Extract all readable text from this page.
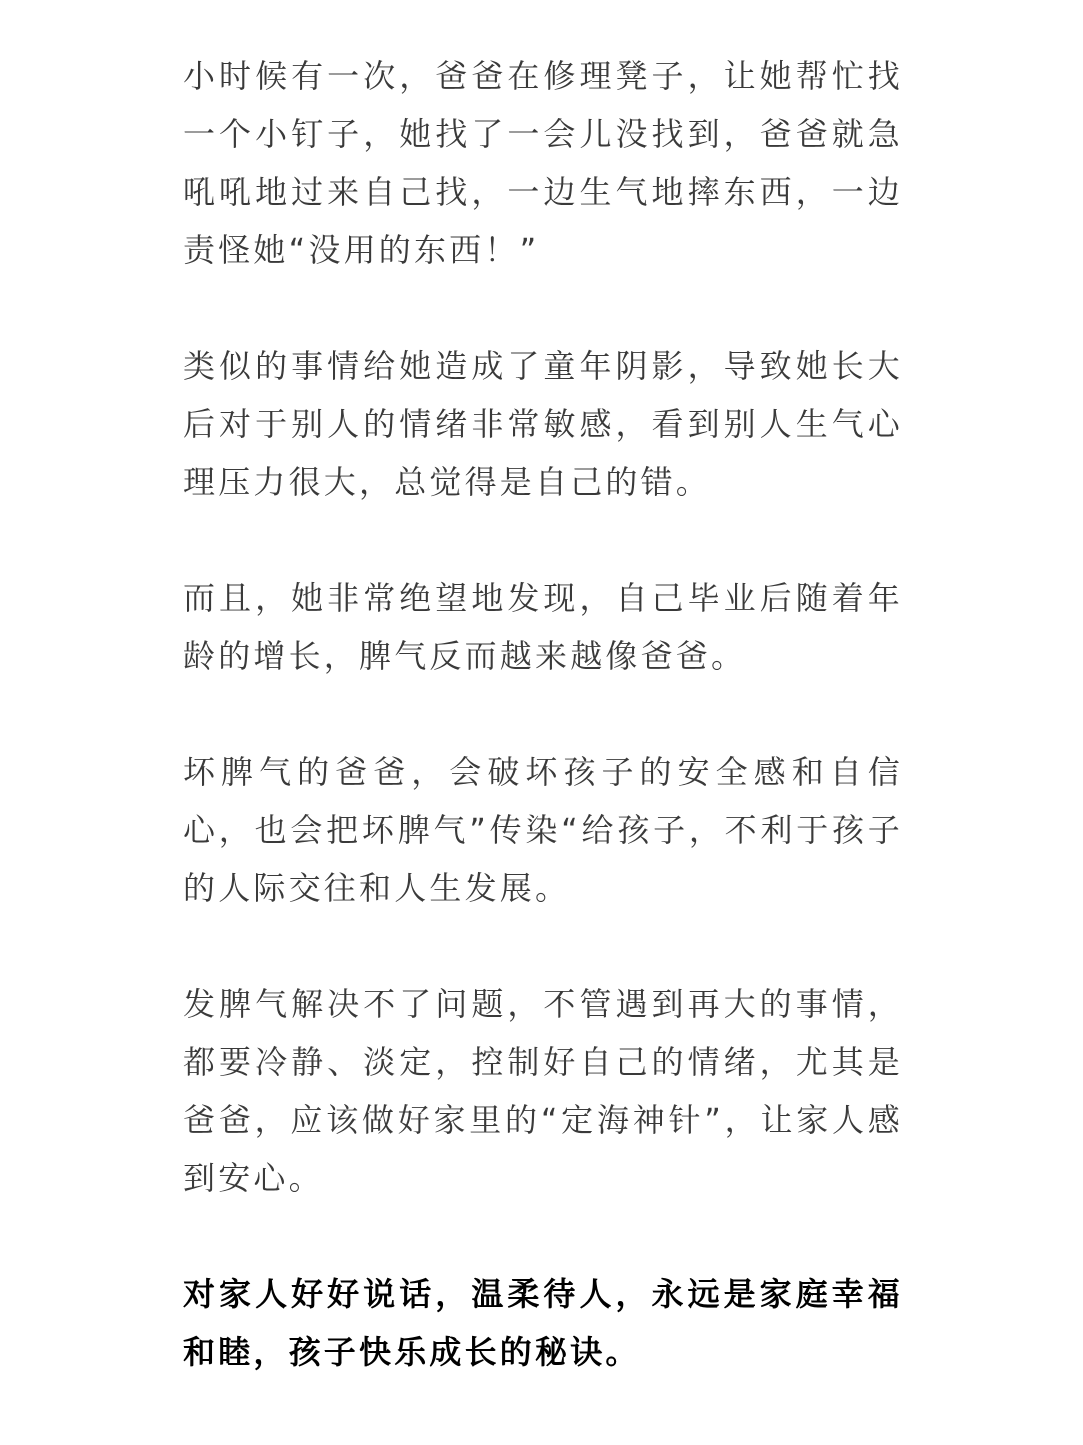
小时候有一次，爸爸在修理凳子，让她帮忙找一个小钉子，她找了一会儿没找到，爸爸就急吼吼地过来自己找，一边生气地摔东西，一边责怪她“没用的东西！”

类似的事情给她造成了童年阴影，导致她长大后对于别人的情绪非常敏感，看到别人生气心理压力很大，总觉得是自己的错。

而且，她非常绝望地发现，自己毕业后随着年龄的增长，脾气反而越来越像爸爸。

坏脾气的爸爸，会破坏孩子的安全感和自信心，也会把坏脾气”传染“给孩子，不利于孩子的人际交往和人生发展。

发脾气解决不了问题，不管遇到再大的事情，都要冷静、淡定，控制好自己的情绪，尤其是爸爸，应该做好家里的“定海神针”，让家人感到安心。

对家人好好说话，温柔待人，永远是家庭幸福和睦，孩子快乐成长的秘诀。
